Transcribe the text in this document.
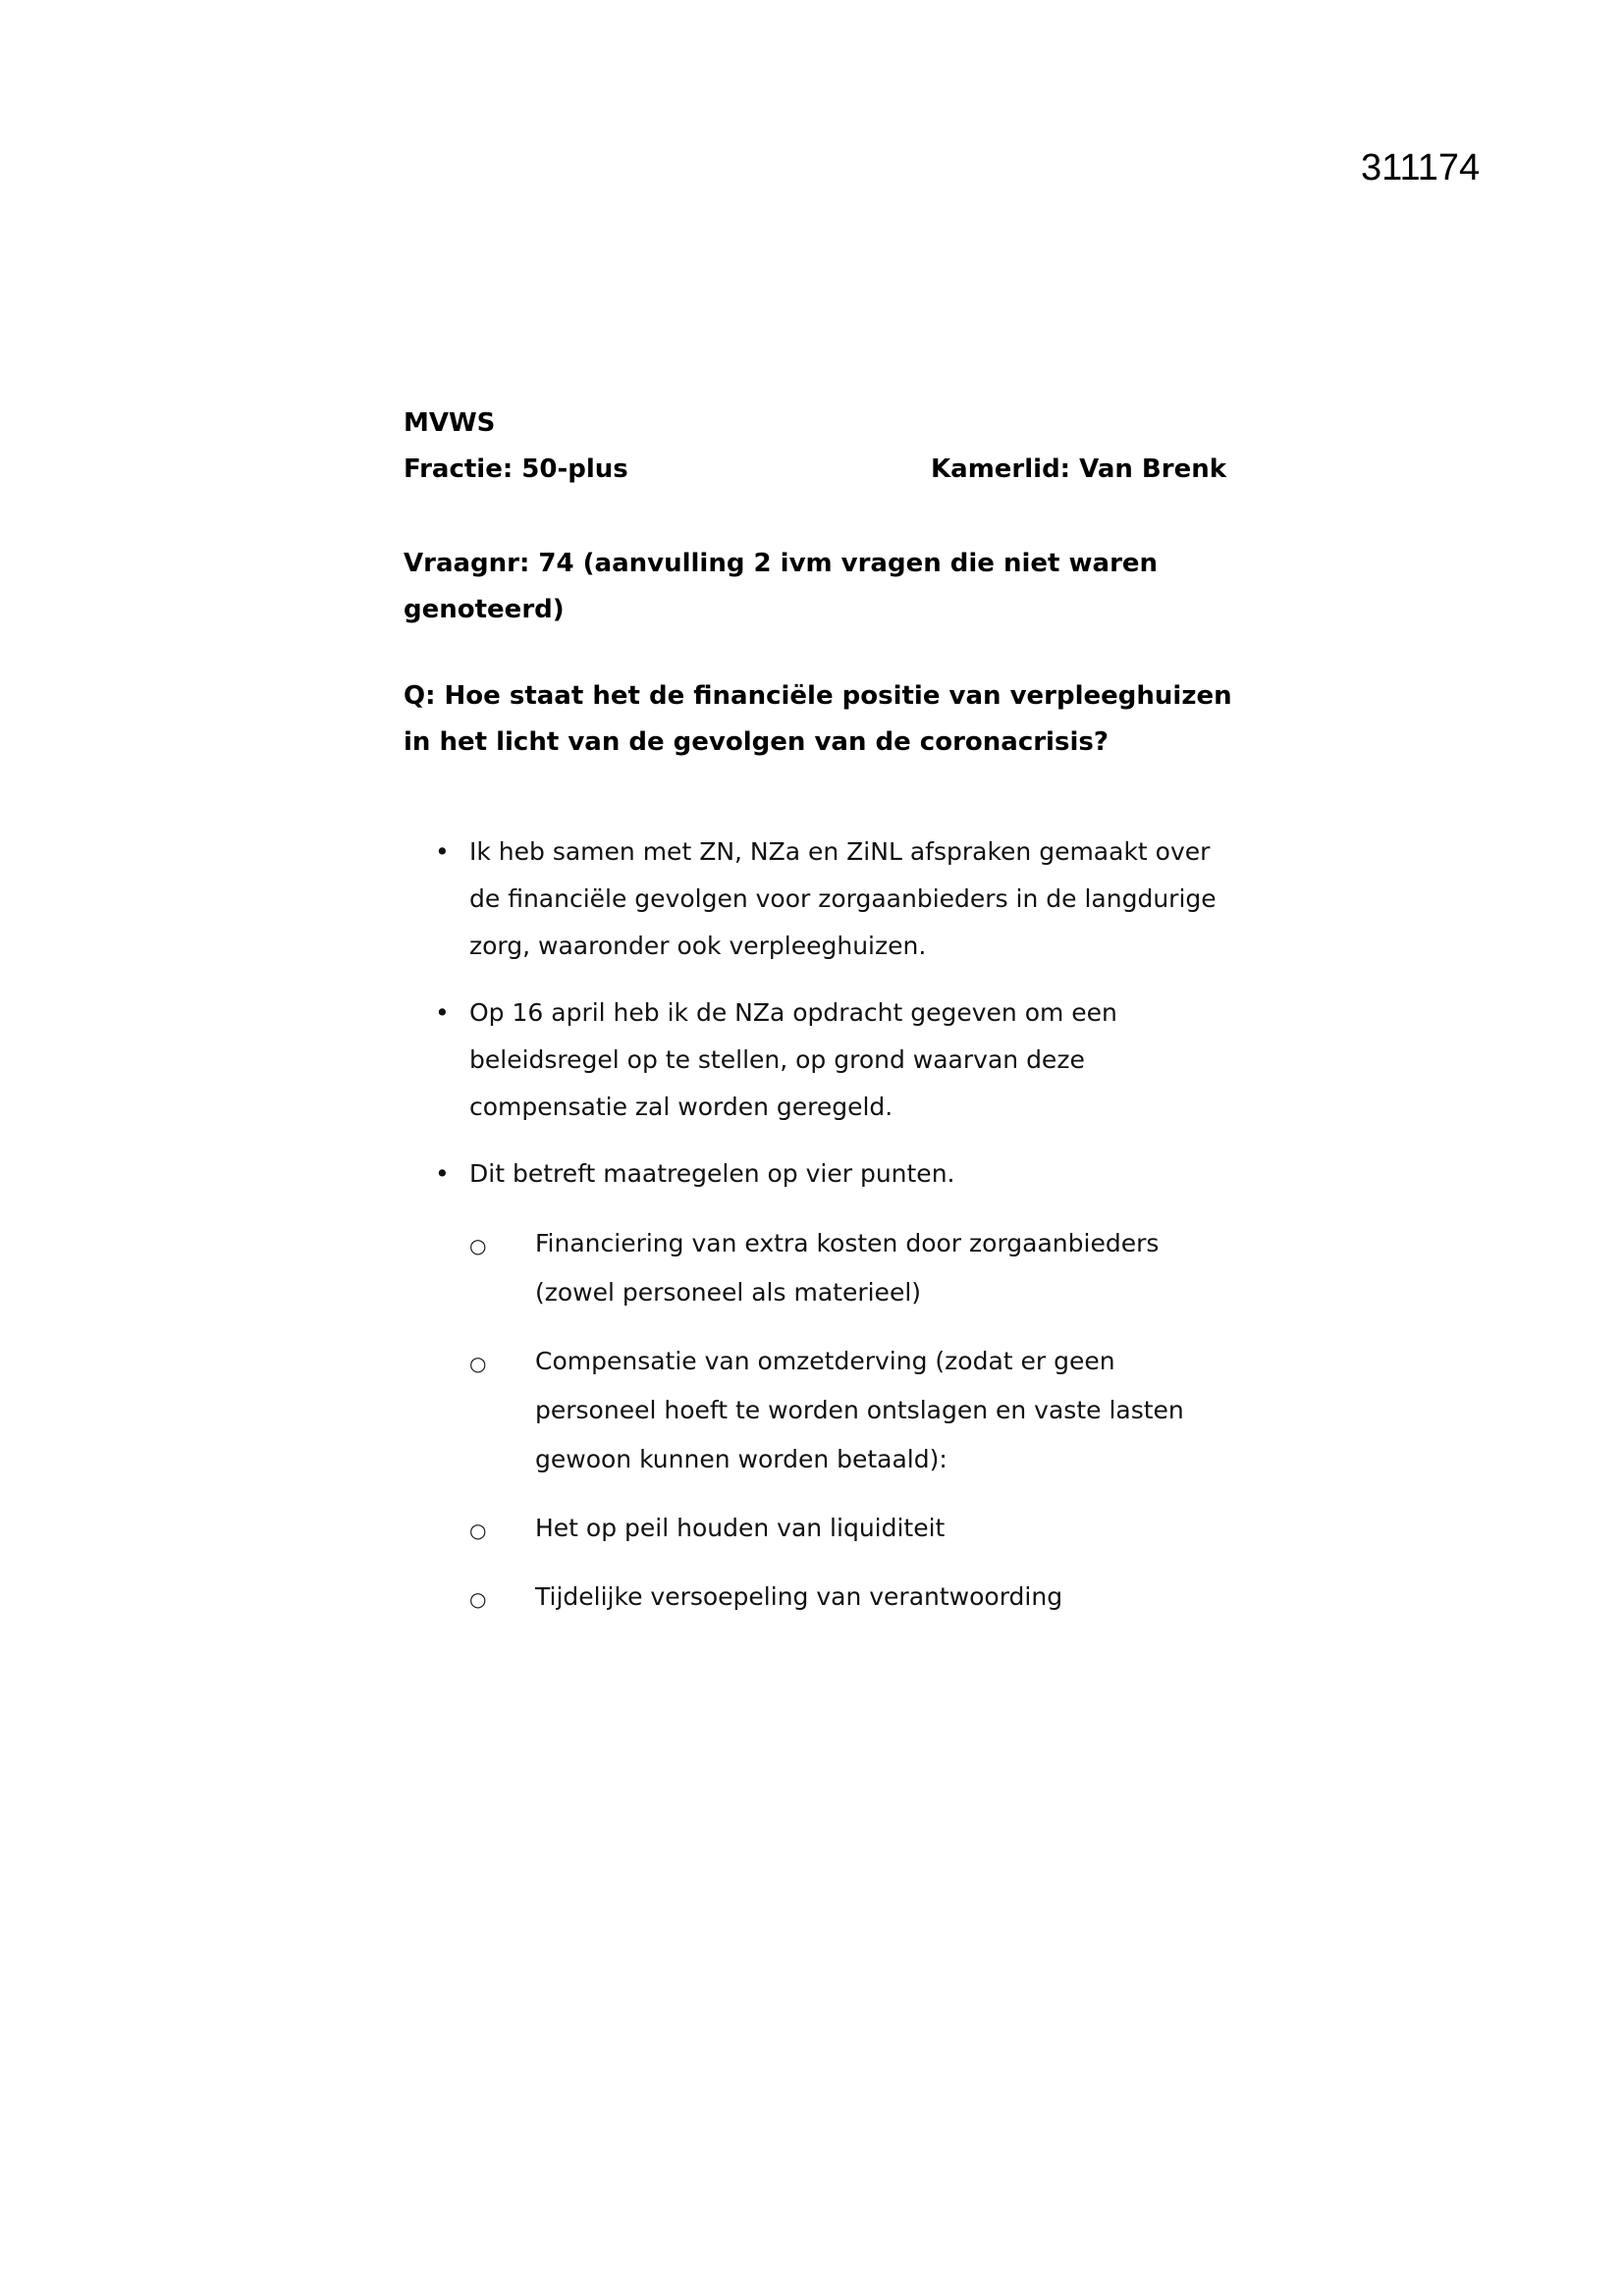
311174
MVWS
Fractie: 50-plus	Kamerlid: Van Brenk
Vraagnr: 74 (aanvulling 2 ivm vragen die niet waren genoteerd)
Q: Hoe staat het de financiële positie van verpleeghuizen in het licht van de gevolgen van de coronacrisis?
• Ik heb samen met ZN, NZa en ZiNL afspraken gemaakt over de financiële gevolgen voor zorgaanbieders in de langdurige zorg, waaronder ook verpleeghuizen.
• Op 16 april heb ik de NZa opdracht gegeven om een beleidsregel op te stellen, op grond waarvan deze compensatie zal worden geregeld.
• Dit betreft maatregelen op vier punten.
○ Financiering van extra kosten door zorgaanbieders (zowel personeel als materieel)
○ Compensatie van omzetderving (zodat er geen personeel hoeft te worden ontslagen en vaste lasten gewoon kunnen worden betaald):
○ Het op peil houden van liquiditeit
○ Tijdelijke versoepeling van verantwoording
